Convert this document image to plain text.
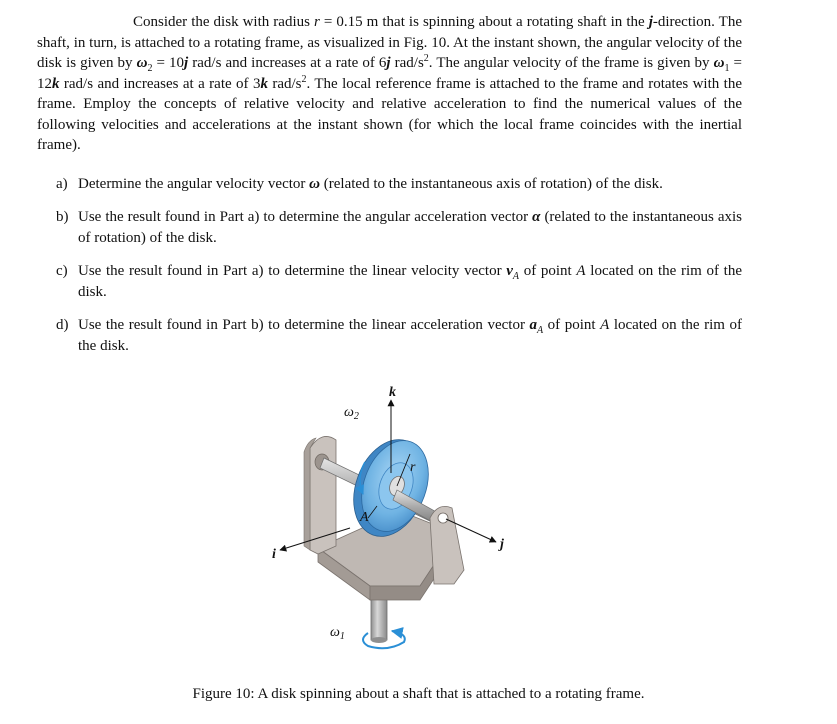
Consider the disk with radius r = 0.15 m that is spinning about a rotating shaft in the j-direction. The shaft, in turn, is attached to a rotating frame, as visualized in Fig. 10. At the instant shown, the angular velocity of the disk is given by $\omega_2 = 10j$ rad/s and increases at a rate of 6j rad/$s^2$. The angular velocity of the frame is given by $\omega_1 = 12k$ rad/s and increases at a rate of 3k rad/$s^2$. The local reference frame is attached to the frame and rotates with the frame. Employ the concepts of relative velocity and relative acceleration to find the numerical values of the following velocities and accelerations at the instant shown (for which the local frame coincides with the inertial frame).

a) Determine the angular velocity vector ω (related to the instantaneous axis of rotation) of the disk.
b) Use the result found in Part a) to determine the angular acceleration vector α (related to the instantaneous axis of rotation) of the disk.
c) Use the result found in Part a) to determine the linear velocity vector $v_A$ of point A located on the rim of the disk.
d) Use the result found in Part b) to determine the linear acceleration vector $a_A$ of point A located on the rim of the disk.
r
A
k
i
j
$\omega_2$
$\omega_1$
Figure 10: A disk spinning about a shaft that is attached to a rotating frame.
